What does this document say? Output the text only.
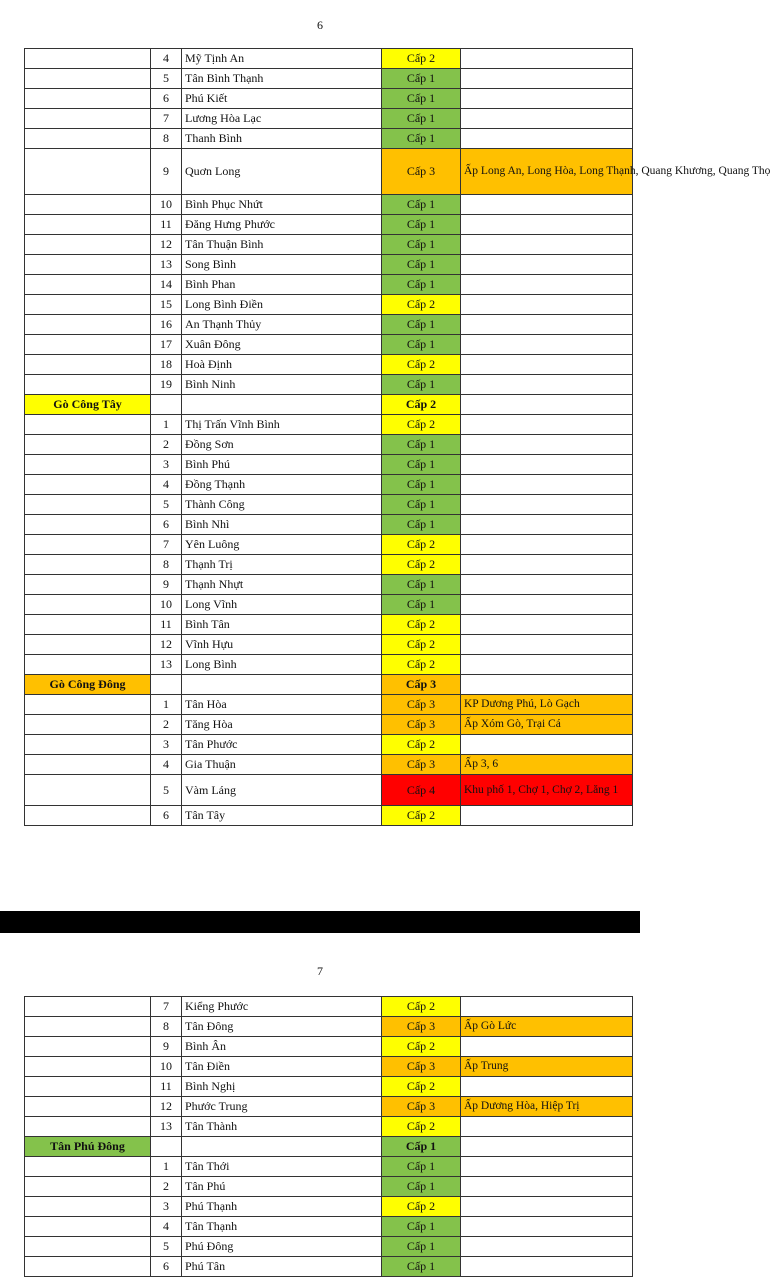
6
	4	Mỹ Tịnh An	Cấp 2	
	5	Tân Bình Thạnh	Cấp 1	
	6	Phú Kiết	Cấp 1	
	7	Lương Hòa Lạc	Cấp 1	
	8	Thanh Bình	Cấp 1	
	9	Quơn Long	Cấp 3	Ấp Long An, Long Hòa, Long Thạnh, Quang Khương, Quang Thọ
	10	Bình Phục Nhứt	Cấp 1	
	11	Đăng Hưng Phước	Cấp 1	
	12	Tân Thuận Bình	Cấp 1	
	13	Song Bình	Cấp 1	
	14	Bình Phan	Cấp 1	
	15	Long Bình Điền	Cấp 2	
	16	An Thạnh Thủy	Cấp 1	
	17	Xuân Đông	Cấp 1	
	18	Hoà Định	Cấp 2	
	19	Bình Ninh	Cấp 1	
Gò Công Tây			Cấp 2	
	1	Thị Trấn Vĩnh Bình	Cấp 2	
	2	Đồng Sơn	Cấp 1	
	3	Bình Phú	Cấp 1	
	4	Đồng Thạnh	Cấp 1	
	5	Thành Công	Cấp 1	
	6	Bình Nhì	Cấp 1	
	7	Yên Luông	Cấp 2	
	8	Thạnh Trị	Cấp 2	
	9	Thạnh Nhựt	Cấp 1	
	10	Long Vĩnh	Cấp 1	
	11	Bình Tân	Cấp 2	
	12	Vĩnh Hựu	Cấp 2	
	13	Long Bình	Cấp 2	
Gò Công Đông			Cấp 3	
	1	Tân Hòa	Cấp 3	KP Dương Phú, Lò Gạch
	2	Tăng Hòa	Cấp 3	Ấp Xóm Gò, Trại Cá
	3	Tân Phước	Cấp 2	
	4	Gia Thuận	Cấp 3	Ấp 3, 6
	5	Vàm Láng	Cấp 4	Khu phố 1, Chợ 1, Chợ 2, Lăng 1
	6	Tân Tây	Cấp 2	
7
	7	Kiểng Phước	Cấp 2	
	8	Tân Đông	Cấp 3	Ấp Gò Lức
	9	Bình Ân	Cấp 2	
	10	Tân Điền	Cấp 3	Ấp Trung
	11	Bình Nghị	Cấp 2	
	12	Phước Trung	Cấp 3	Ấp Dương Hòa, Hiệp Trị
	13	Tân Thành	Cấp 2	
Tân Phú Đông			Cấp 1	
	1	Tân Thới	Cấp 1	
	2	Tân Phú	Cấp 1	
	3	Phú Thạnh	Cấp 2	
	4	Tân Thạnh	Cấp 1	
	5	Phú Đông	Cấp 1	
	6	Phú Tân	Cấp 1	
